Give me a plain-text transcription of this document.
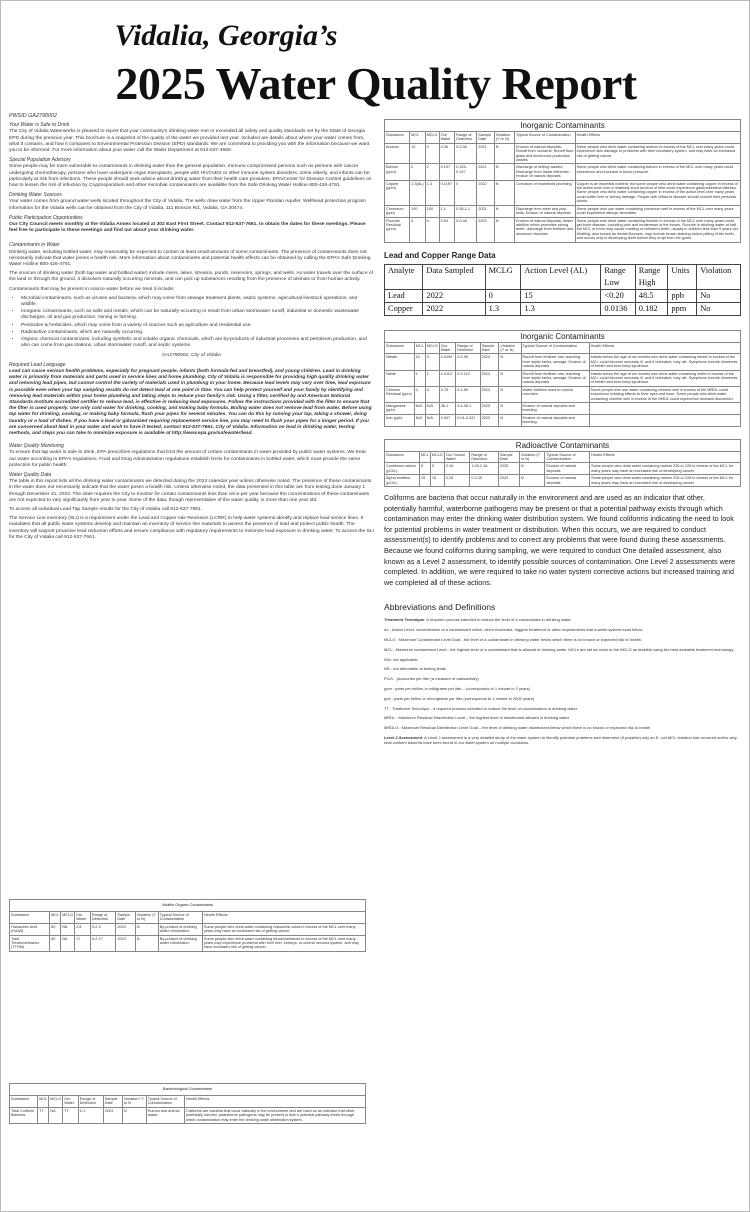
Vidalia, Georgia’s
2025 Water Quality Report
PWSID GA2790002
Your Water is Safe to Drink

The City of Vidalia Waterworks is pleased to report that your community’s drinking water met or exceeded all safety and quality standards set by the State of Georgia EPD during the previous year. This brochure is a snapshot of the quality of the water we provided last year. Included are details about where your water comes from, what it contains, and how it compares to Environmental Protection Division (EPD) standards. We are committed to providing you with the information because we want you to be informed. For more information about your water call the Water Department at 912-537-4560.

Special Population Advisory

Some people may be more vulnerable to contaminants in drinking water than the general population. Immuno-compromised persons such as persons with cancer undergoing chemotherapy, persons who have undergone organ transplants, people with HIV/AIDS or other immune system disorders, some elderly, and infants can be particularly at risk from infections. These people should seek advice about drinking water from their health care providers. EPA/Center for Disease Control guidelines on how to lessen the risk of infection by Cryptosporidium and other microbial contaminants are available from the Safe Drinking Water Hotline 800-426-4791.

Drinking Water Sources

Your water comes from ground water wells located throughout the City of Vidalia. The wells draw water from the Upper Floridan Aquifer. Wellhead protection program information for the Vidalia wells can be obtained from the City of Vidalia, 111 Brinson Rd., Vidalia, GA 30474.

Public Participation Opportunities

Our City Council meets monthly at the Vidalia Annex located at 302 East First Street. Contact 912-537-7661, to obtain the dates for these meetings. Please feel free to participate in these meetings and find out about your drinking water.

Contaminants in Water

Drinking water, including bottled water, may reasonably be expected to contain at least small amounts of some contaminants. The presence of contaminants does not necessarily indicate that water poses a health risk. More information about contaminants and potential health effects can be obtained by calling the EPA’s Safe Drinking Water Hotline 800-426-4791.

The sources of drinking water (both tap water and bottled water) include rivers, lakes, streams, ponds, reservoirs, springs, and wells. As water travels over the surface of the land or through the ground, it dissolves naturally occurring minerals, and can pick up substances resulting from the presence of animals or from human activity.

Contaminants that may be present in source water before we treat it include:

• Microbial contaminants, such as viruses and bacteria, which may come from sewage treatment plants, septic systems, agricultural livestock operations, and wildlife.
• Inorganic contaminants, such as salts and metals, which can be naturally-occurring or result from urban stormwater runoff, industrial or domestic wastewater discharges, oil and gas production, mining or farming.
• Pesticides & herbicides, which may come from a variety of sources such as agriculture and residential use.
• Radioactive contaminants, which are naturally occurring.
• Organic chemical contaminants, including synthetic and volatile organic chemicals, which are by-products of industrial processes and petroleum production, and also can come from gas stations, urban stormwater runoff, and septic systems.

GA2790002, City of Vidalia

Required Lead Language

Lead can cause serious health problems, especially for pregnant people, infants (both formula-fed and breastfed), and young children. Lead in drinking water is primarily from materials and parts used in service lines and home plumbing. City of Vidalia is responsible for providing high quality drinking water and removing lead pipes, but cannot control the variety of materials used in plumbing in your home. Because lead levels may vary over time, lead exposure is possible even when your tap sampling results do not detect lead at one point in time. You can help protect yourself and your family by identifying and removing lead materials within your home plumbing and taking steps to reduce your family’s risk. Using a filter, certified by and American National Standards Institute accredited certifier to reduce lead, is effective in reducing lead exposures. Follow the instructions provided with the filter to ensure that the filter is used properly. Use only cold water for drinking, cooking, and making baby formula. Boiling water does not remove lead from water. Before using tap water for drinking, cooking, or making baby formula, flush your pipes for several minutes. You can do this by running your tap, taking a shower, doing laundry or a load of dishes. If you have a lead or galvanized requiring replacement service line, you may need to flush your pipes for a longer period. If you are concerned about lead in your water and wish to have it tested, contact 912-537-7661, City of Vidalia. Information on lead in drinking water, testing methods, and steps you can take to minimize exposure is available at http://www.epa.gov/safewater/lead.

Water Quality Monitoring

To ensure that tap water is safe to drink, EPA prescribes regulations that limit the amount of certain contaminants in water provided by public water systems. We treat our water according to EPA’s regulations. Food and Drug Administration regulations establish limits for contaminants in bottled water, which must provide the same protection for public health.

Water Quality Data

The table in this report lists all the drinking water contaminants we detected during the 2023 calendar year unless otherwise noted. The presence of these contaminants in the water does not necessarily indicate that the water poses a health risk. Unless otherwise noted, the data presented in this table are from testing done January 1 through December 31, 2023. The state requires the City to monitor for certain contaminants less than once per year because the concentrations of these contaminants are not expected to vary significantly from year to year. Some of the data, though representative of the water quality, is more than one year old.

To access all individual Lead Tap Sample results for the City of Vidalia call 912-537-7661.

The Service Line inventory (SLI) is a requirement under the Lead and Copper rule Revisions (LCRR) to help water systems identify and replace lead service lines. It mandates that all public water systems develop and maintain an inventory of service line materials to assess the presence of lead and protect public health. The inventory will support proactive lead reduction efforts and ensure compliance with regulatory requirements to minimize lead exposure in drinking water. To access the SLI for the City of Vidalia call 912-537-7661.

Volatile Organic Contaminants								
Substance	MCL	MCLG	Our Water	Range of Detection	Sample Date	Violation (Y or N)	Typical Source of Contamination	Health Effects
Haloacetic Acid (HAA5)	60	NA	2.8	0-2.3	2024	N	By-product of drinking water chlorination	Some people who drink water containing haloacetic acids in excess of the MCL over many years may have an increased risk of getting cancer.
Total Trihalomethanes (TTHM)	80	NA	17	5.2-17	2024	N	By-product of drinking water chlorination	Some people who drink water containing trihalomethanes in excess of the MCL over many years may experience problems with their liver, kidneys, or central nervous system, and may have increased risk of getting cancer.
Bacteriological Contaminants								
Substance	MCL	MCLG	Our Water	Range of Detection	Sample Date	Violation? Y or N	Typical Source of Contamination	Health Effects
Total Coliform Bacteria	TT	NA	TT	0-1	2024	N	Human and animal waste	Coliforms are bacteria that occur naturally in the environment and are used as an indicator that other, potentially harmful, waterborne pathogens may be present or that a potential pathway exists through which contamination may enter the drinking water distribution system.
Inorganic Contaminants								
Substance	MCL	MCLG	Our Water	Range of Detection	Sample Date	Violation (Y or N)	Typical Source of Contamination	Health Effects
Arsenic	10	0	0.36	0-0.36	2021	N	Erosion of natural deposits; Runoff from orchards; Runoff from glass and electronics production wastes	Some people who drink water containing arsenic in excess of the MCL over many years could experience skin damage or problems with their circulatory system, and may have an increased risk of getting cancer.
Barium (ppm)	2	2	0.197	0.153-0.197	2021	N	Discharge of drilling wastes; Discharge from metal refineries; erosion of natural deposits	Some people who drink water containing barium in excess of the MCL over many years could experience and increase in blood pressure.
Copper (ppm)	1.3(AL)	1.3	0.1197	0	2022	N	Corrosion of household plumbing	Copper is an essential nutrient, but some people who drink water containing copper in excess of the action level over a relatively short amount of time could experience gastrointestinal distress. Some people who drink water containing copper in excess of the action level over many years could suffer liver or kidney damage. People with Wilson’s disease should consult their personal doctor.
Chromium (ppb)	100	100	1.1	0.05-1.1	2021	N	Discharge from steel and pulp mills; Erosion of natural deposits	Some people who use water containing chromium well in excess of the MCL over many years could experience allergic dermatitis.
Fluoride Residual (ppm)	4	4	0.54	0-0.46	2023	N	Erosion of natural deposits; Water additive which promotes strong teeth; discharge from fertilizer and aluminum factories	Some people who drink water containing fluoride in excess of the MCL over many years could get bone disease, including pain and tenderness of the bones. Fluoride in drinking water at half the MCL or more may cause mottling of children’s teeth, usually in children less than 9 years old. Mottling, also known as dental fluorosis, may include brown staining and/or pitting of the teeth, and occurs only in developing teeth before they erupt from the gums.
Lead and Copper Range Data
Analyte	Data Sampled	MCLG	Action Level (AL)	Range	Range	Units	Violation
				Low	High		
Lead	2022	0	15	<0.20	48.5	ppb	No
Copper	2022	1.3	1.3	0.0136	0.182	ppm	No
Inorganic Contaminants								
Substance	MCL	MCLG	Our Water	Range of Detection	Sample Date	Violation (Y or N)	Typical Source of Contamination	Health Effects
Nitrate	10	0	0.0199	0-0.95	2024	N	Runoff from fertilizer use; leaching from septic tanks, sewage; Erosion of natural deposits	Infants below the age of six months who drink water containing nitrate in excess of the MCL could become seriously ill, and if untreated, may die. Symptoms include shortness of breath and blue baby syndrome.
Nitrite	1	1	0.0112	0-0.112	2024	N	Runoff from fertilizer use; leaching from septic tanks, sewage; Erosion of natural deposits	Infants below the age of six months who drink water containing nitrite in excess of the MCL could become seriously ill, and if untreated, may die. Symptoms include shortness of breath and blue baby syndrome.
Chlorine Residual (ppm)	4	4	0.76	0-1.69	2024	N	Water Additive used to control microbes.	Some people who use water containing chlorine well in excess of the MRDL could experience irritating effects to their eyes and nose. Some people who drink water containing chlorine well in excess of the MRDL could experience stomach discomfort.
Manganese (ppb)	N/A	N/A	36.1	9.4-36.1	2023	N	Erosion of natural deposits and leaching	
Iron (ppb)	N/A	N/A	0.347	0.01-0.347	2023	N	Erosion of natural deposits and leaching	
Radioactive Contaminants								
Substance	MCL	MCLG	Our Source Water	Range of Detection	Sample Date	Violation (Y or N)	Typical Source of Contamination	Health Effects
Combined radium (pCi/L)	5	0	2.16	1.03-2.16	2025	N	Erosion of natural deposits	Some people who drink water containing radium 226 or 228 in excess of the MCL for many years may have an increased risk of developing cancer
Alpha emitters (pCi/L)	15	15	2.25	0-2.25	2023	N	Erosion of natural deposits	Some people who drink water containing radium 226 or 228 in excess of the MCL for many years may have an increased risk of developing cancer

Coliforms are bacteria that occur naturally in the environment and are used as an indicator that other, potentially harmful, waterborne pathogens may be present or that a potential pathway exists through which contamination may enter the drinking water distribution system. We found coliforms indicating the need to look for potential problems in water treatment or distribution. When this occurs, we are required to conduct assessment(s) to identify problems and to correct any problems that were found during these assessments. Because we found coliforms during sampling, we were required to conduct One detailed assessment, also known as a Level 2 assessment, to identify possible sources of contamination. One Level 2 assessments were completed. In addition, we were required to take no water system corrective actions but increased training and we completed all of these actions.

Abbreviations and Definitions

Treatment Technique: A required process intended to reduce the level of a contaminant in drinking water.

AL : Action Level- concentration of a contaminant which, when exceeded, triggers treatment or other requirements that a water system must follow.

MCLG : Maximum Contaminant Level Goal - the level of a contaminant in drinking water below which there is no known or expected risk to health.

MCL : Maximum contaminant Level - the highest level of a contaminant that is allowed in drinking water. MCLs are set as close to the MCLG as feasible using the best available treatment technology.

N/A: not applicable

ND : not detectable at testing limits

PCi/L : picocuries per liter (a measure of radioactivity)

ppm : parts per million or milligrams per liter – (corresponds to 1 minute in 2 years)

ppb : parts per billion or micrograms per liter (corresponds to 1 minute in 2000 years)

TT : Treatment Technique - a required process intended to reduce the level of contamination in drinking water

MRDL : Maximum Residual Disinfection Level – the highest level of disinfectant allowed in drinking water

MRDLG : Maximum Residual Disinfection Level Goal – the level of drinking water disinfectant below which there is no known or expected risk to health

Level 2 Assessment: A Level 2 assessment is a very detailed study of the water system to identify potential problems and determine (if possible) why an E. coli MCL violation has occurred and/or why total coliform bacteria have been found in our water system on multiple occasions.
